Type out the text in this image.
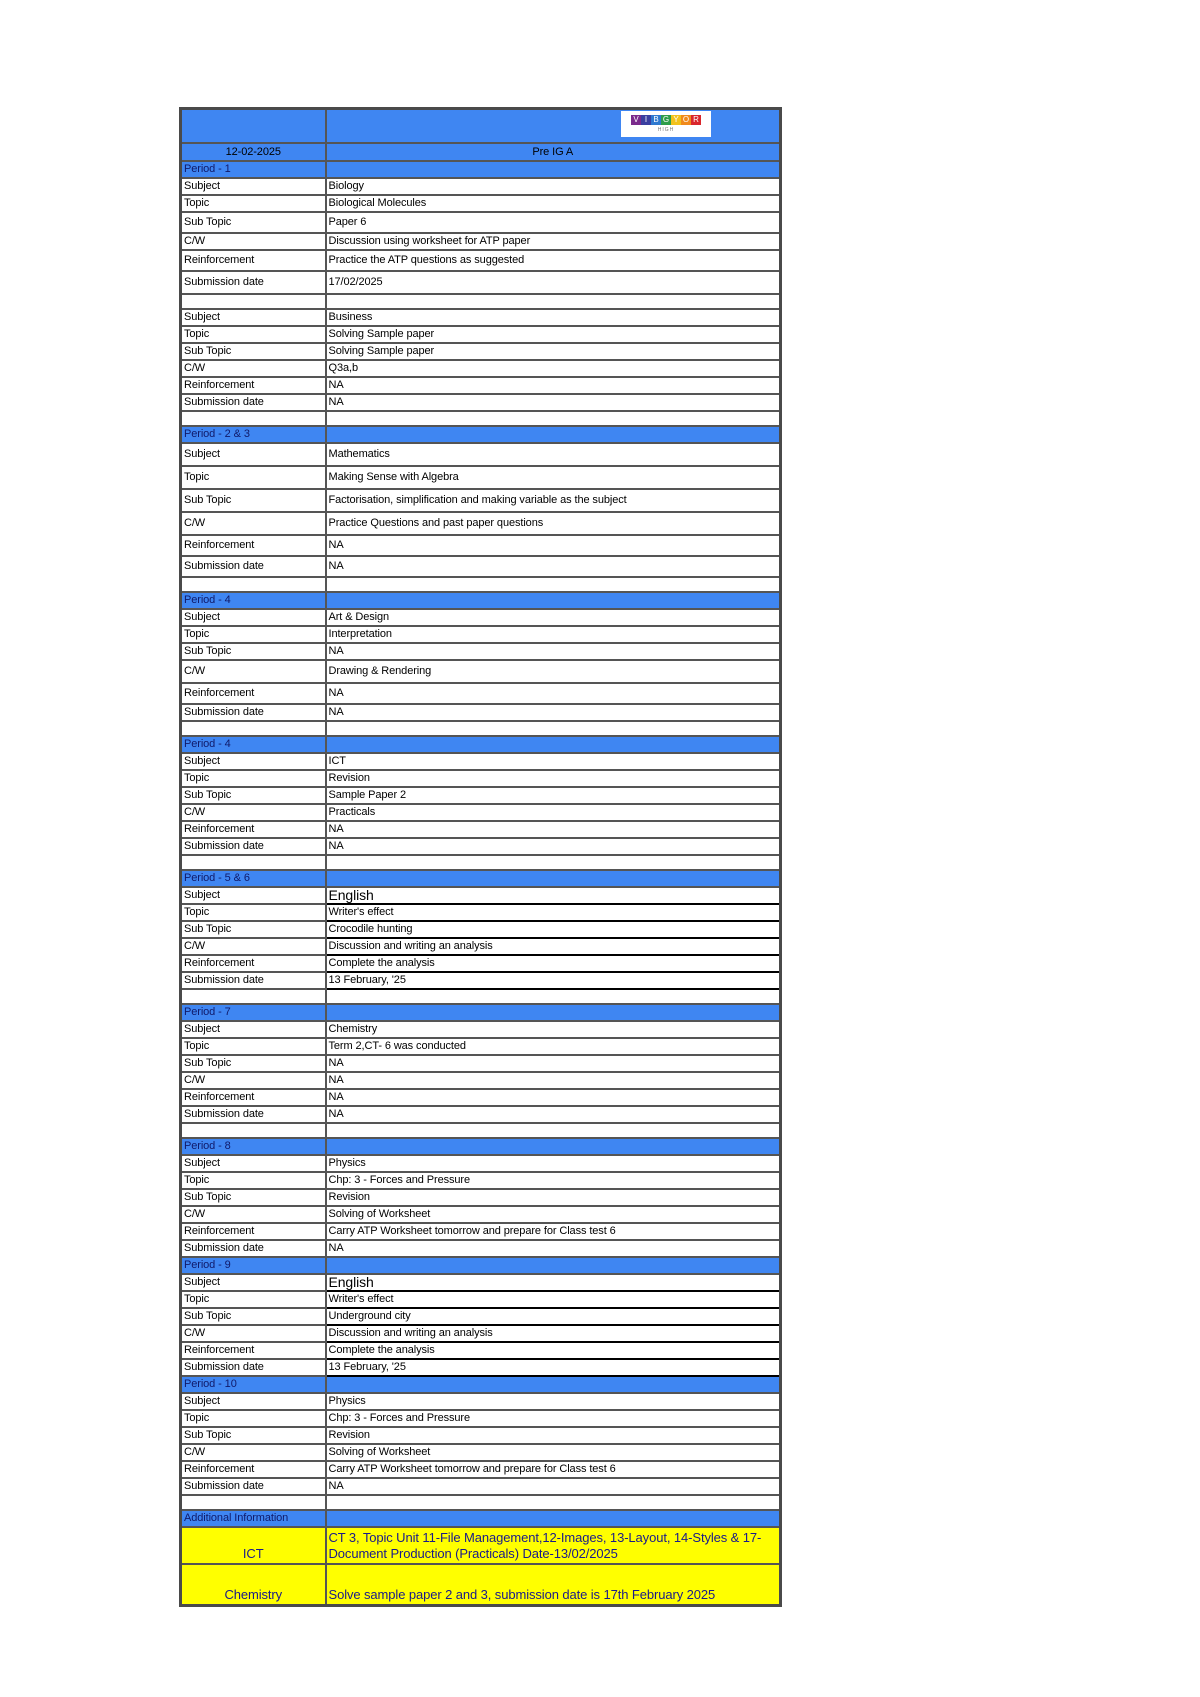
V I B G Y O R
HIGH

12-02-2025	Pre IG A
Period - 1	
Subject	Biology
Topic	Biological Molecules
Sub Topic	Paper 6
C/W	Discussion using worksheet for ATP paper
Reinforcement	Practice the ATP questions as suggested
Submission date	17/02/2025

Subject	Business
Topic	Solving Sample paper
Sub Topic	Solving Sample paper
C/W	Q3a,b
Reinforcement	NA
Submission date	NA

Period - 2 & 3	
Subject	Mathematics
Topic	Making Sense with Algebra
Sub Topic	Factorisation, simplification and making variable as the subject
C/W	Practice Questions and past paper questions
Reinforcement	NA
Submission date	NA

Period - 4	
Subject	Art & Design
Topic	Interpretation
Sub Topic	NA
C/W	Drawing & Rendering
Reinforcement	NA
Submission date	NA

Period - 4	
Subject	ICT
Topic	Revision
Sub Topic	Sample Paper 2
C/W	Practicals
Reinforcement	NA
Submission date	NA

Period - 5 & 6	
Subject	English
Topic	Writer's effect
Sub Topic	Crocodile hunting
C/W	Discussion and writing an analysis
Reinforcement	Complete the analysis
Submission date	13 February, '25

Period - 7	
Subject	Chemistry
Topic	Term 2,CT- 6 was conducted
Sub Topic	NA
C/W	NA
Reinforcement	NA
Submission date	NA

Period - 8	
Subject	Physics
Topic	Chp: 3 - Forces and Pressure
Sub Topic	Revision
C/W	Solving of Worksheet
Reinforcement	Carry ATP Worksheet tomorrow and prepare for Class test 6
Submission date	NA
Period - 9	
Subject	English
Topic	Writer's effect
Sub Topic	Underground city
C/W	Discussion and writing an analysis
Reinforcement	Complete the analysis
Submission date	13 February, '25
Period - 10	
Subject	Physics
Topic	Chp: 3 - Forces and Pressure
Sub Topic	Revision
C/W	Solving of Worksheet
Reinforcement	Carry ATP Worksheet tomorrow and prepare for Class test 6
Submission date	NA

Additional Information	
ICT	CT 3, Topic Unit 11-File Management,12-Images, 13-Layout, 14-Styles & 17-Document Production (Practicals) Date-13/02/2025
Chemistry	Solve sample paper 2 and 3, submission date is 17th February 2025
